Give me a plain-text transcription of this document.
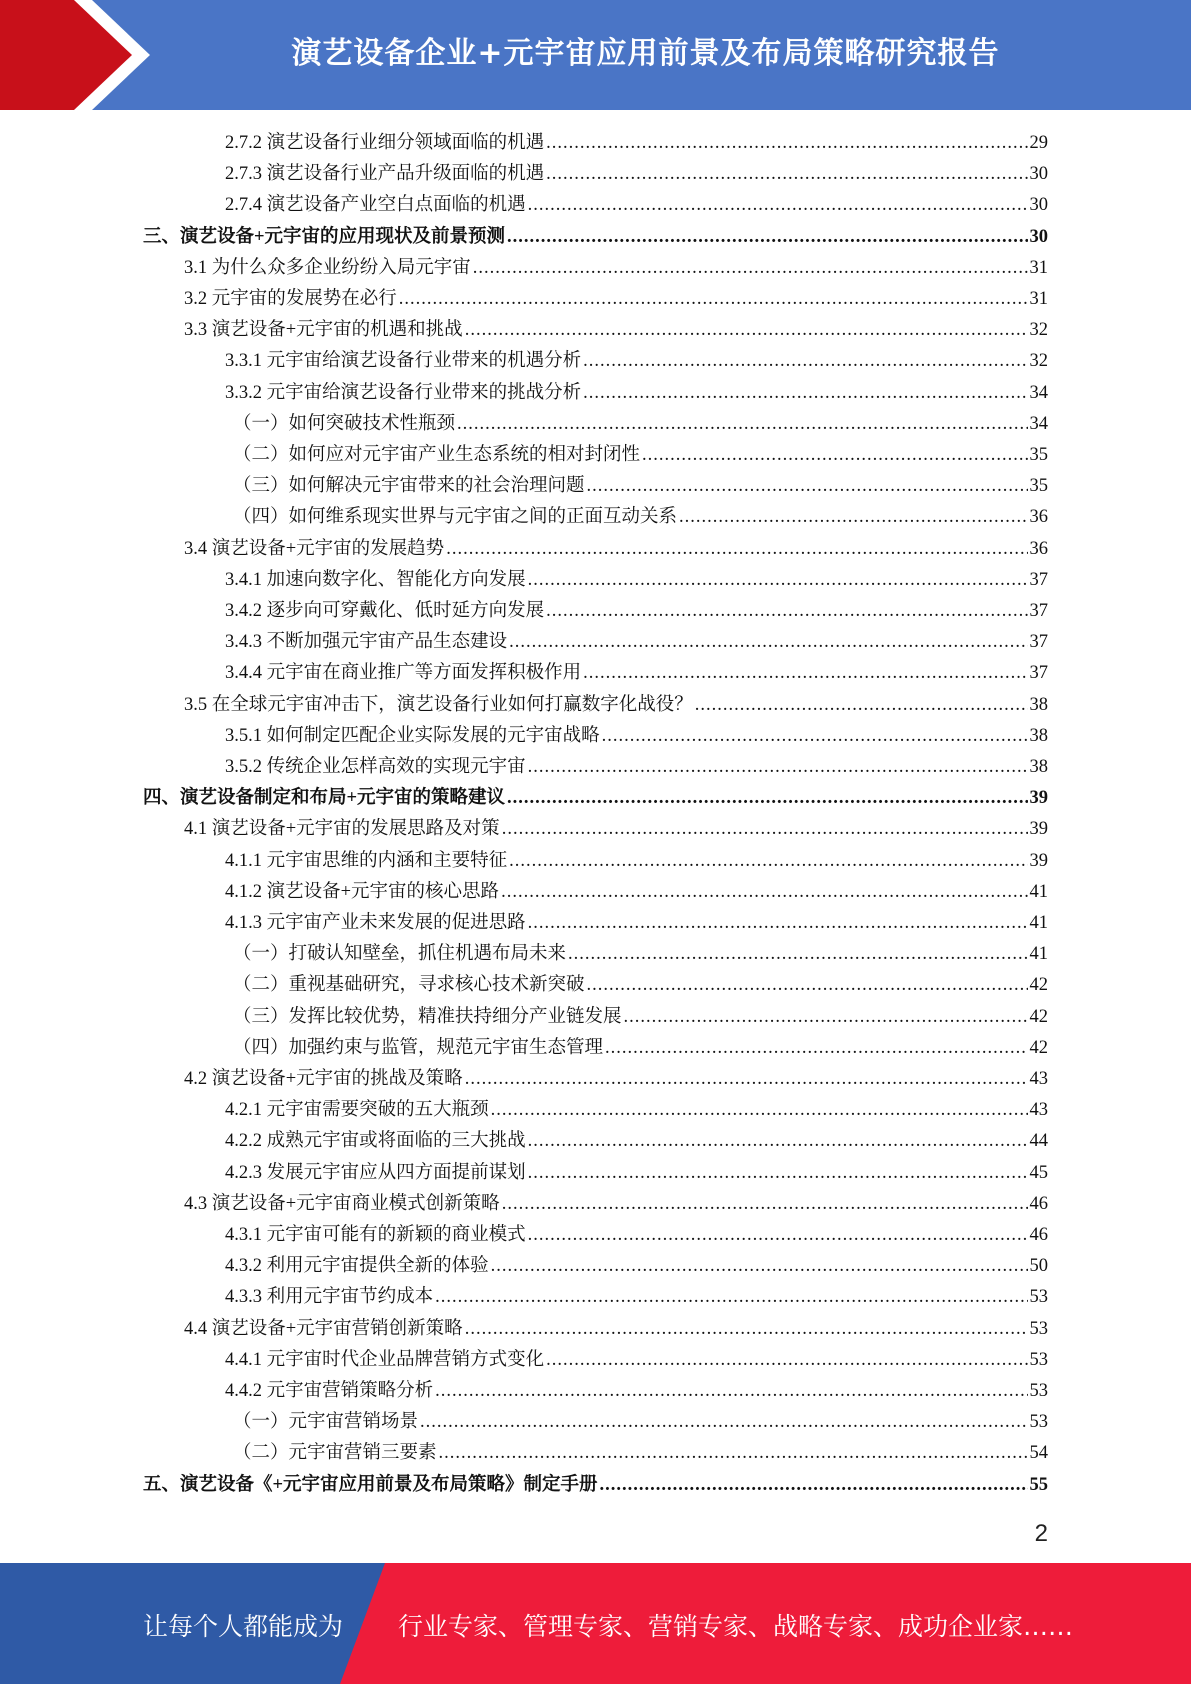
演艺设备企业+元宇宙应用前景及布局策略研究报告
2.7.2 演艺设备行业细分领域面临的机遇 .....	29
2.7.3 演艺设备行业产品升级面临的机遇 .....	30
2.7.4 演艺设备产业空白点面临的机遇 .....	30
三、演艺设备+元宇宙的应用现状及前景预测 .....	30
3.1 为什么众多企业纷纷入局元宇宙 .....	31
3.2 元宇宙的发展势在必行 .....	31
3.3 演艺设备+元宇宙的机遇和挑战 .....	32
3.3.1 元宇宙给演艺设备行业带来的机遇分析 .....	32
3.3.2 元宇宙给演艺设备行业带来的挑战分析 .....	34
（一）如何突破技术性瓶颈 .....	34
（二）如何应对元宇宙产业生态系统的相对封闭性 .....	35
（三）如何解决元宇宙带来的社会治理问题 .....	35
（四）如何维系现实世界与元宇宙之间的正面互动关系 .....	36
3.4 演艺设备+元宇宙的发展趋势 .....	36
3.4.1 加速向数字化、智能化方向发展 .....	37
3.4.2 逐步向可穿戴化、低时延方向发展 .....	37
3.4.3 不断加强元宇宙产品生态建设 .....	37
3.4.4 元宇宙在商业推广等方面发挥积极作用 .....	37
3.5 在全球元宇宙冲击下，演艺设备行业如何打赢数字化战役？ .....	38
3.5.1 如何制定匹配企业实际发展的元宇宙战略 .....	38
3.5.2 传统企业怎样高效的实现元宇宙 .....	38
四、演艺设备制定和布局+元宇宙的策略建议 .....	39
4.1 演艺设备+元宇宙的发展思路及对策 .....	39
4.1.1 元宇宙思维的内涵和主要特征 .....	39
4.1.2 演艺设备+元宇宙的核心思路 .....	41
4.1.3 元宇宙产业未来发展的促进思路 .....	41
（一）打破认知壁垒，抓住机遇布局未来 .....	41
（二）重视基础研究，寻求核心技术新突破 .....	42
（三）发挥比较优势，精准扶持细分产业链发展 .....	42
（四）加强约束与监管，规范元宇宙生态管理 .....	42
4.2 演艺设备+元宇宙的挑战及策略 .....	43
4.2.1 元宇宙需要突破的五大瓶颈 .....	43
4.2.2 成熟元宇宙或将面临的三大挑战 .....	44
4.2.3 发展元宇宙应从四方面提前谋划 .....	45
4.3 演艺设备+元宇宙商业模式创新策略 .....	46
4.3.1 元宇宙可能有的新颖的商业模式 .....	46
4.3.2 利用元宇宙提供全新的体验 .....	50
4.3.3 利用元宇宙节约成本 .....	53
4.4 演艺设备+元宇宙营销创新策略 .....	53
4.4.1 元宇宙时代企业品牌营销方式变化 .....	53
4.4.2 元宇宙营销策略分析 .....	53
（一）元宇宙营销场景 .....	53
（二）元宇宙营销三要素 .....	54
五、演艺设备《+元宇宙应用前景及布局策略》制定手册 .....	55
2
让每个人都能成为 行业专家、管理专家、营销专家、战略专家、成功企业家……
